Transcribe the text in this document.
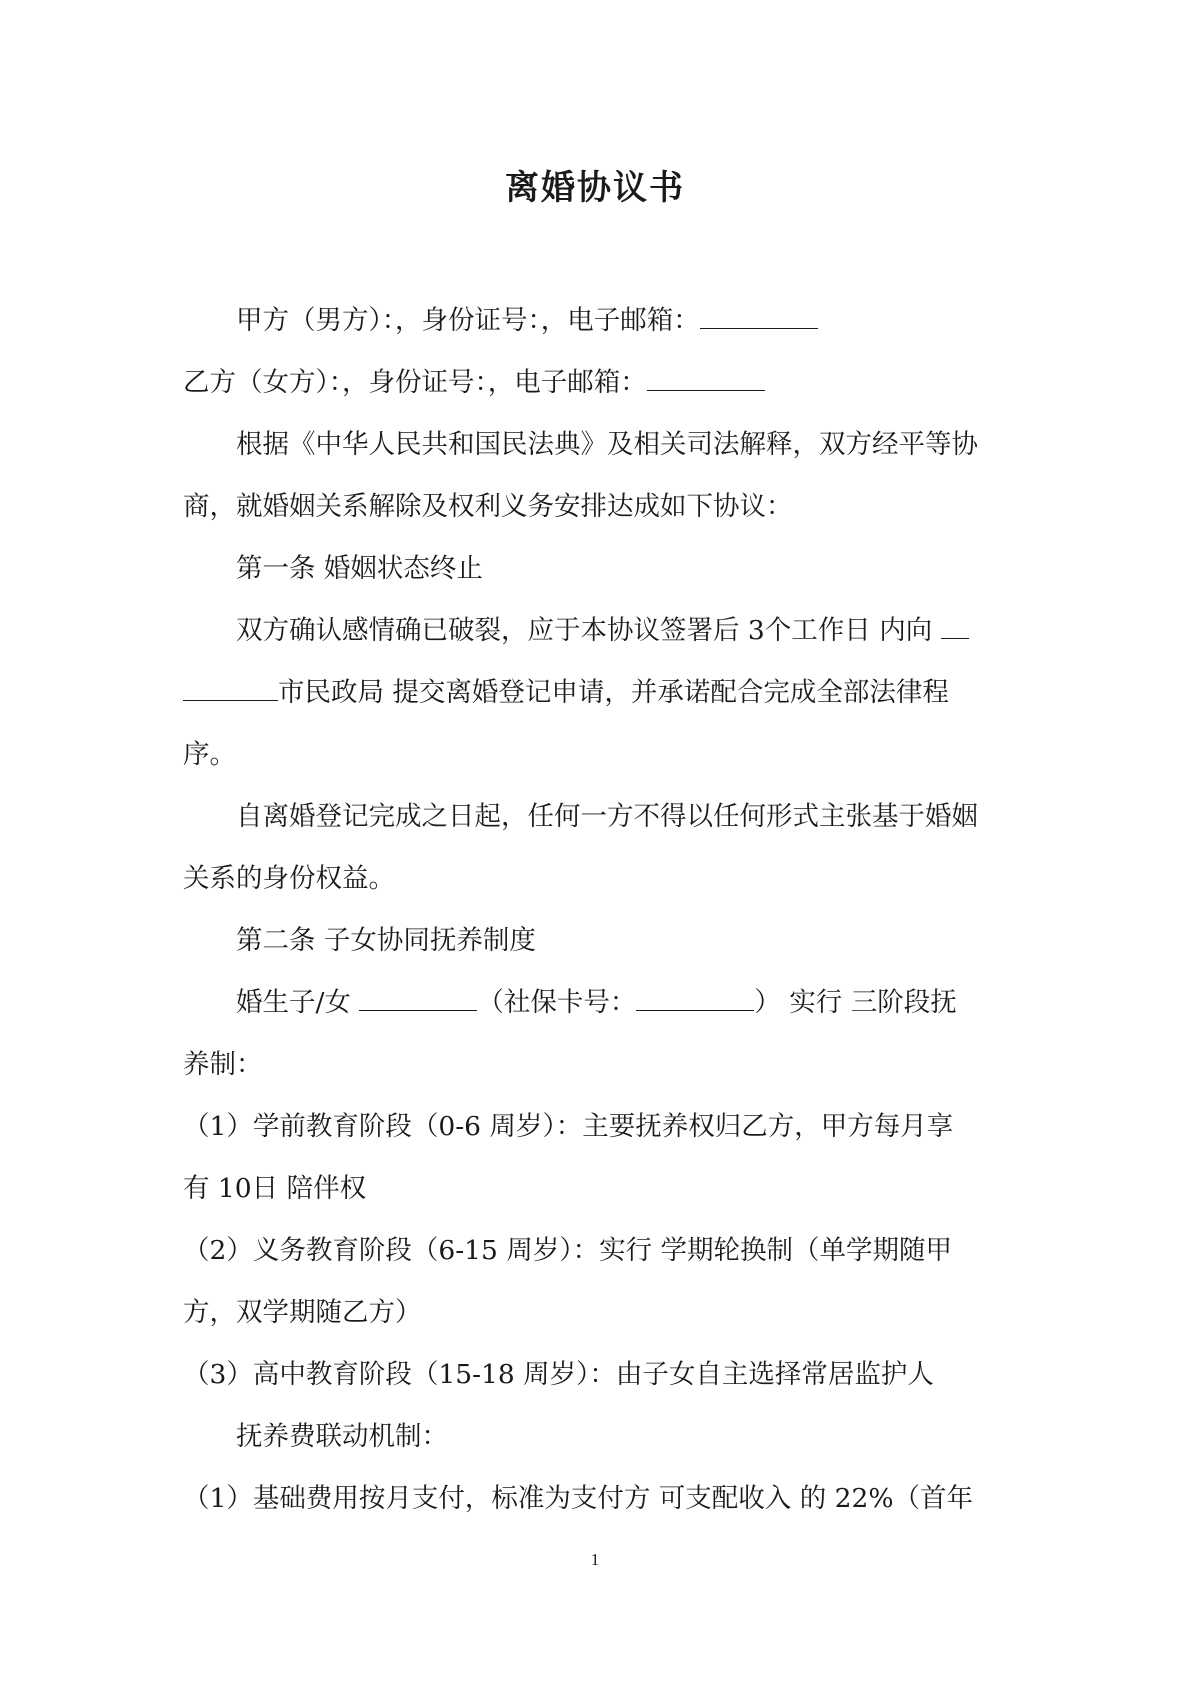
离婚协议书
甲方（男方）：，身份证号：，电子邮箱：
乙方（女方）：，身份证号：，电子邮箱：
根据《中华人民共和国民法典》及相关司法解释，双方经平等协
商，就婚姻关系解除及权利义务安排达成如下协议：
第一条 婚姻状态终止
双方确认感情确已破裂，应于本协议签署后 3个工作日 内向
市民政局 提交离婚登记申请，并承诺配合完成全部法律程
序。
自离婚登记完成之日起，任何一方不得以任何形式主张基于婚姻
关系的身份权益。
第二条 子女协同抚养制度
婚生子/女	（社保卡号：	） 实行 三阶段抚
养制：
（1）学前教育阶段（0-6 周岁）：主要抚养权归乙方，甲方每月享
有 10日 陪伴权
（2）义务教育阶段（6-15 周岁）：实行 学期轮换制（单学期随甲
方，双学期随乙方）
（3）高中教育阶段（15-18 周岁）：由子女自主选择常居监护人
抚养费联动机制：
（1）基础费用按月支付，标准为支付方 可支配收入 的 22%（首年
1
